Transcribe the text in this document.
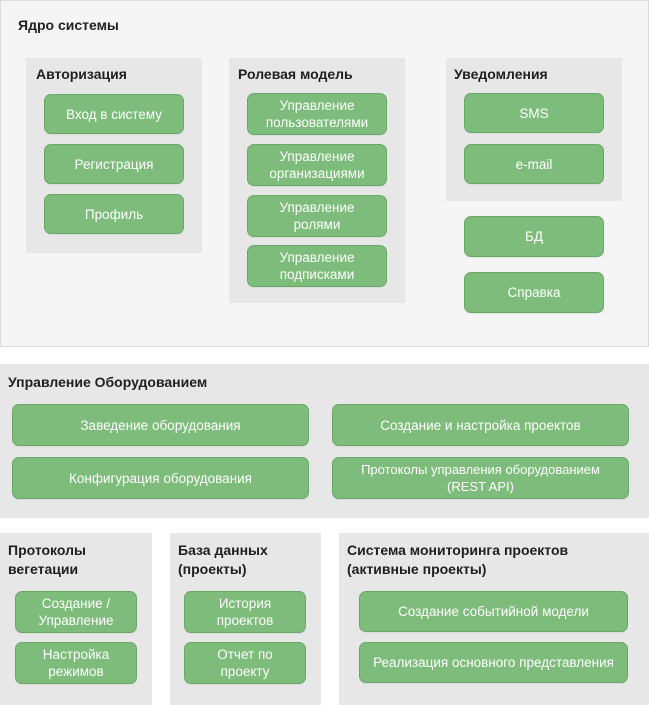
Ядро системы
Авторизация
Вход в систему
Регистрация
Профиль
Ролевая модель
Управление
пользователями
Управление
организациями
Управление
ролями
Управление
подписками
Уведомления
SMS
e-mail
БД
Справка
Управление Оборудованием
Заведение оборудования	Создание и настройка проектов
Конфигурация оборудования
Протоколы управления оборудованием
(REST API)
Протоколы
вегетации
Создание /
Управление
Настройка
режимов
База данных
(проекты)
История
проектов
Отчет по
проекту
Система мониторинга проектов
(активные проекты)
Создание событийной модели
Реализация основного представления
